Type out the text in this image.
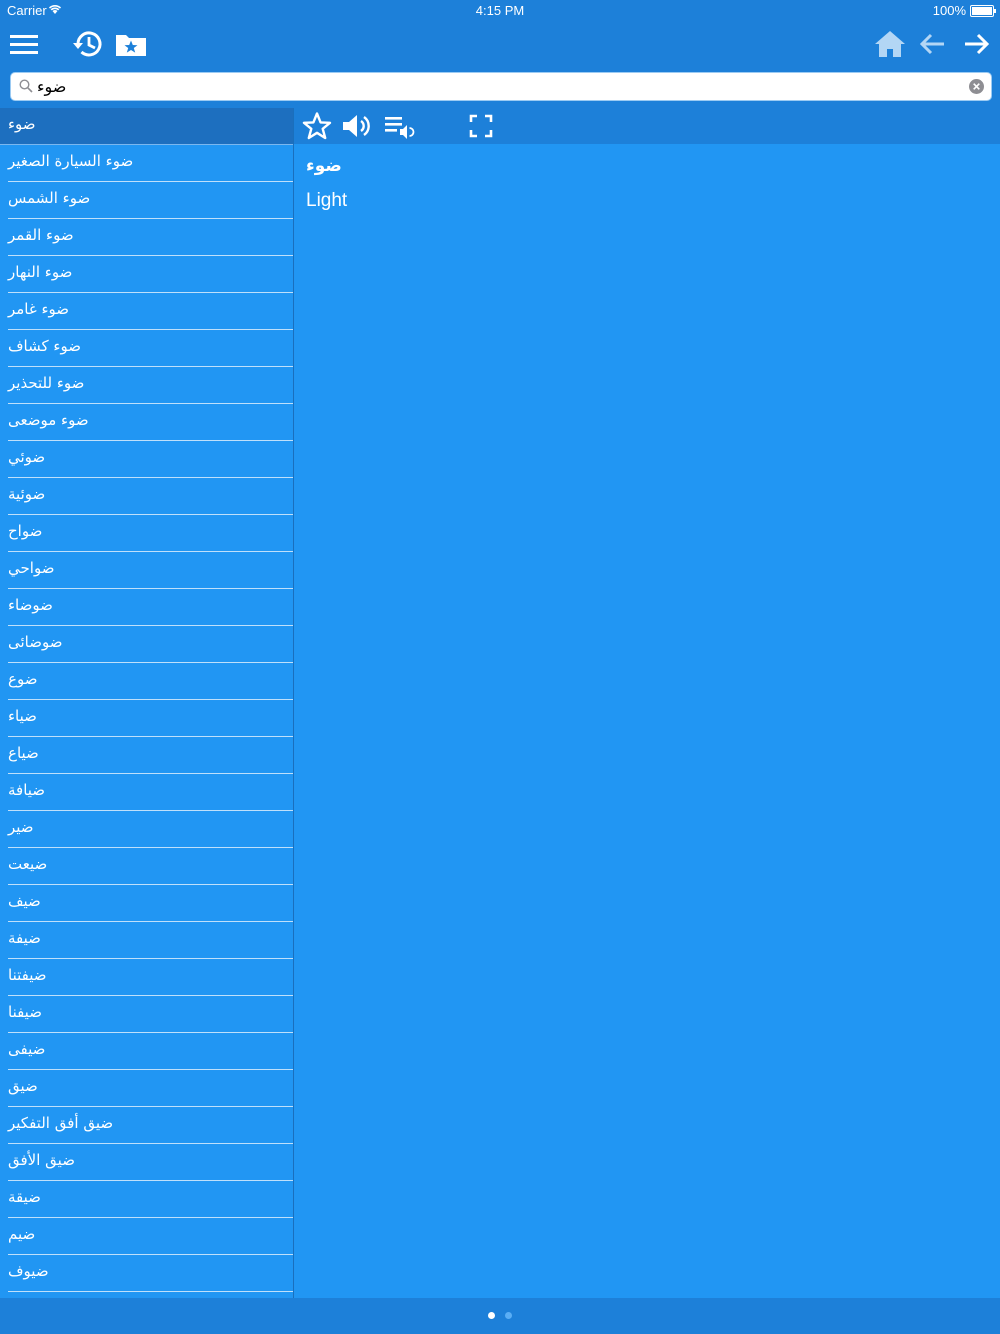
Carrier	4:15 PM	100%
ضوء
ضوء
ضوء السيارة الصغير
ضوء الشمس
ضوء القمر
ضوء النهار
ضوء غامر
ضوء كشاف
ضوء للتحذير
ضوء موضعى
ضوئي
ضوئية
ضواح
ضواحي
ضوضاء
ضوضائى
ضوع
ضياء
ضياع
ضيافة
ضير
ضيعت
ضيف
ضيفة
ضيفتنا
ضيفنا
ضيفى
ضيق
ضيق أفق التفكير
ضيق الأفق
ضيقة
ضيم
ضيوف
ضوء
Light
